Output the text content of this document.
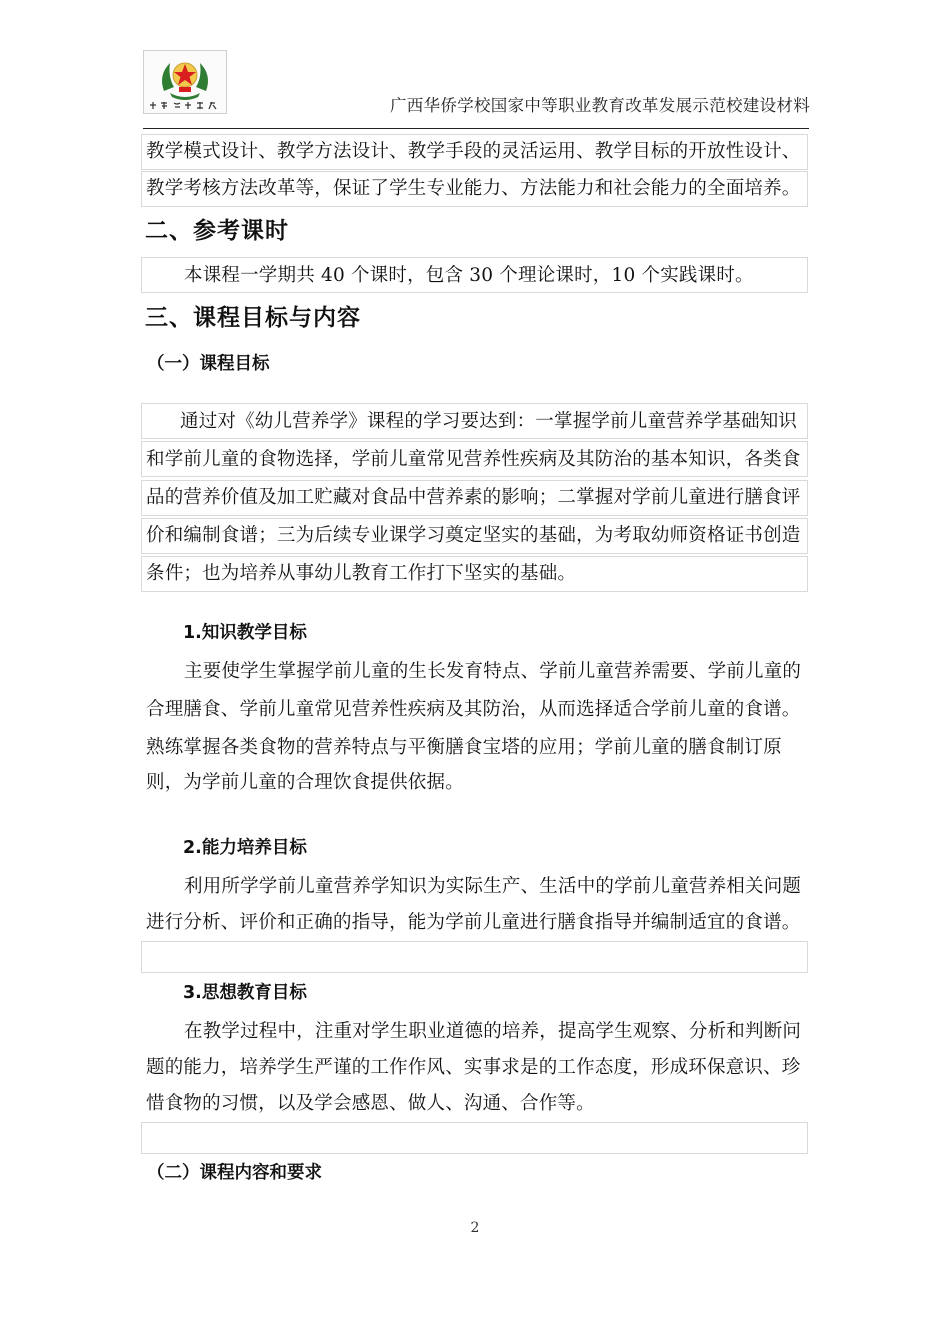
广西华侨学校国家中等职业教育改革发展示范校建设材料
教学模式设计、教学方法设计、教学手段的灵活运用、教学目标的开放性设计、
教学考核方法改革等，保证了学生专业能力、方法能力和社会能力的全面培养。
二、参考课时
本课程一学期共 40 个课时，包含 30 个理论课时，10 个实践课时。
三、课程目标与内容
（一）课程目标
通过对《幼儿营养学》课程的学习要达到：一掌握学前儿童营养学基础知识
和学前儿童的食物选择，学前儿童常见营养性疾病及其防治的基本知识，各类食
品的营养价值及加工贮藏对食品中营养素的影响；二掌握对学前儿童进行膳食评
价和编制食谱；三为后续专业课学习奠定坚实的基础，为考取幼师资格证书创造
条件；也为培养从事幼儿教育工作打下坚实的基础。
1.知识教学目标
主要使学生掌握学前儿童的生长发育特点、学前儿童营养需要、学前儿童的
合理膳食、学前儿童常见营养性疾病及其防治，从而选择适合学前儿童的食谱。
熟练掌握各类食物的营养特点与平衡膳食宝塔的应用；学前儿童的膳食制订原
则，为学前儿童的合理饮食提供依据。
2.能力培养目标
利用所学学前儿童营养学知识为实际生产、生活中的学前儿童营养相关问题
进行分析、评价和正确的指导，能为学前儿童进行膳食指导并编制适宜的食谱。
3.思想教育目标
在教学过程中，注重对学生职业道德的培养，提高学生观察、分析和判断问
题的能力，培养学生严谨的工作作风、实事求是的工作态度，形成环保意识、珍
惜食物的习惯，以及学会感恩、做人、沟通、合作等。
（二）课程内容和要求
2
